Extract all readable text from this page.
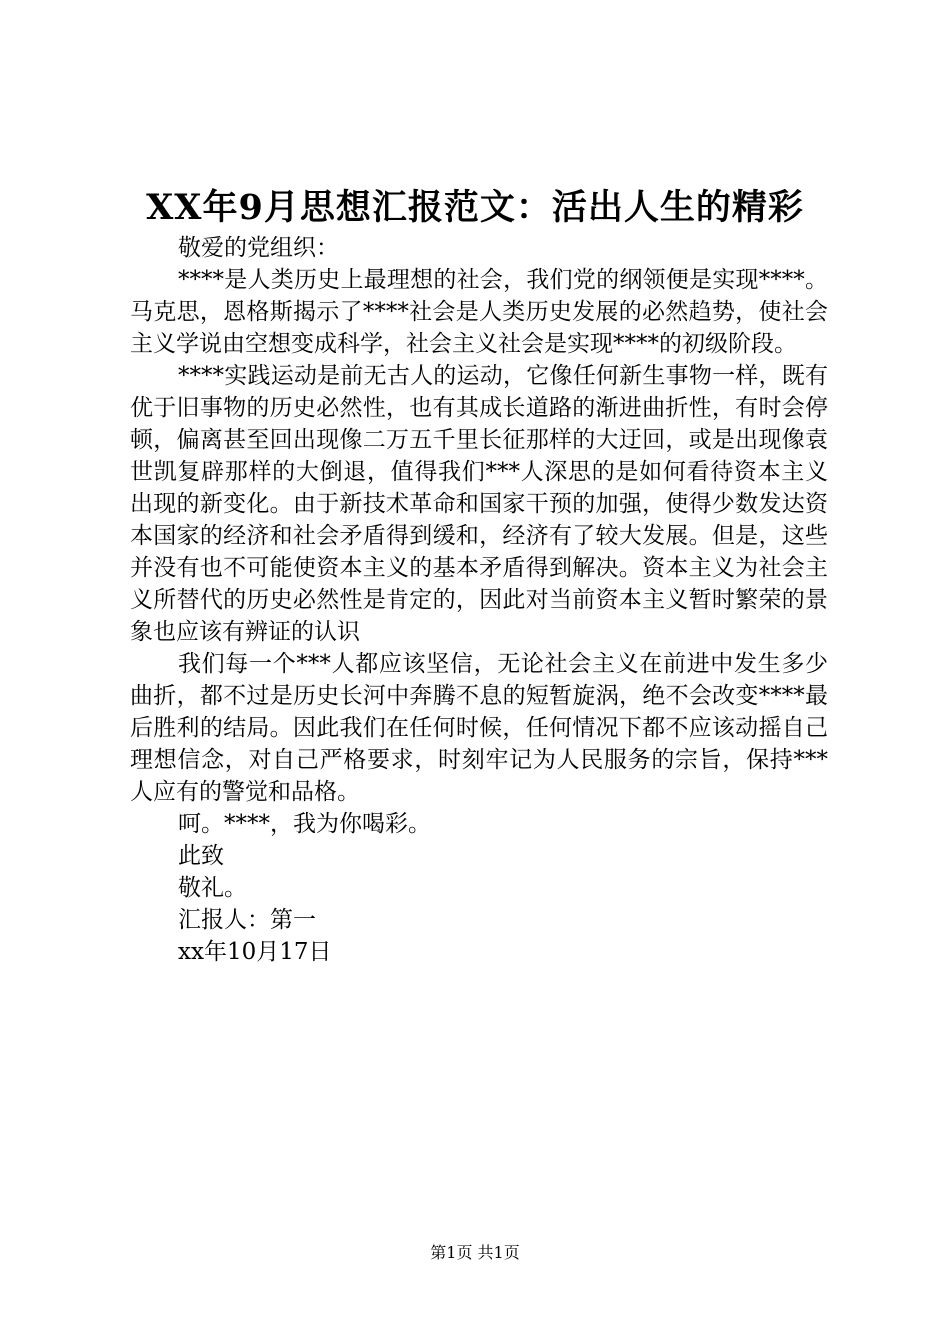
XX年9月思想汇报范文：活出人生的精彩

敬爱的党组织：

****是人类历史上最理想的社会，我们党的纲领便是实现****。马克思，恩格斯揭示了****社会是人类历史发展的必然趋势，使社会主义学说由空想变成科学，社会主义社会是实现****的初级阶段。

****实践运动是前无古人的运动，它像任何新生事物一样，既有优于旧事物的历史必然性，也有其成长道路的渐进曲折性，有时会停顿，偏离甚至回出现像二万五千里长征那样的大迂回，或是出现像袁世凯复辟那样的大倒退，值得我们***人深思的是如何看待资本主义出现的新变化。由于新技术革命和国家干预的加强，使得少数发达资本国家的经济和社会矛盾得到缓和，经济有了较大发展。但是，这些并没有也不可能使资本主义的基本矛盾得到解决。资本主义为社会主义所替代的历史必然性是肯定的，因此对当前资本主义暂时繁荣的景象也应该有辨证的认识

我们每一个***人都应该坚信，无论社会主义在前进中发生多少曲折，都不过是历史长河中奔腾不息的短暂旋涡，绝不会改变****最后胜利的结局。因此我们在任何时候，任何情况下都不应该动摇自己理想信念，对自己严格要求，时刻牢记为人民服务的宗旨，保持***人应有的警觉和品格。

呵。****，我为你喝彩。

此致

敬礼。

汇报人：第一

xx年10月17日

第1页 共1页
